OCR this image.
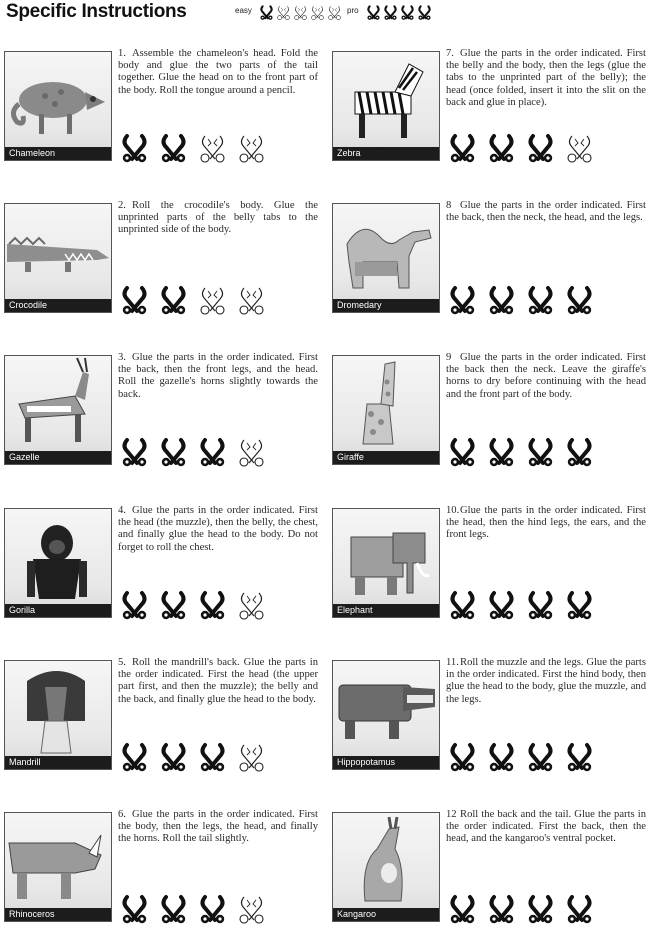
Specific Instructions	easy	pro
Chameleon
1. Assemble the chameleon's head. Fold the body and glue the two parts of the tail together. Glue the head on to the front part of the body. Roll the tongue around a pencil.
Zebra
7. Glue the parts in the order indicated. First the belly and the body, then the legs (glue the tabs to the unprinted part of the belly); the head (once folded, insert it into the slit on the back and glue in place).
Crocodile
2. Roll the crocodile's body. Glue the unprinted parts of the belly tabs to the unprinted side of the body.
Dromedary
8 Glue the parts in the order indicated. First the back, then the neck, the head, and the legs.
Gazelle
3. Glue the parts in the order indicated. First the back, then the front legs, and the head. Roll the gazelle's horns slightly towards the back.
Giraffe
9 Glue the parts in the order indicated. First the back then the neck. Leave the giraffe's horns to dry before continuing with the head and the front part of the body.
Gorilla
4. Glue the parts in the order indicated. First the head (the muzzle), then the belly, the chest, and finally glue the head to the body. Do not forget to roll the chest.
Elephant
10.Glue the parts in the order indicated. First the head, then the hind legs, the ears, and the front legs.
Mandrill
5. Roll the mandrill's back. Glue the parts in the order indicated. First the head (the upper part first, and then the muzzle); the belly and the back, and finally glue the head to the body.
Hippopotamus
11.Roll the muzzle and the legs. Glue the parts in the order indicated. First the hind body, then glue the head to the body, glue the muzzle, and the legs.
Rhinoceros
6. Glue the parts in the order indicated. First the body, then the legs, the head, and finally the horns. Roll the tail slightly.
Kangaroo
12 Roll the back and the tail. Glue the parts in the order indicated. First the back, then the head, and the kangaroo's ventral pocket.
